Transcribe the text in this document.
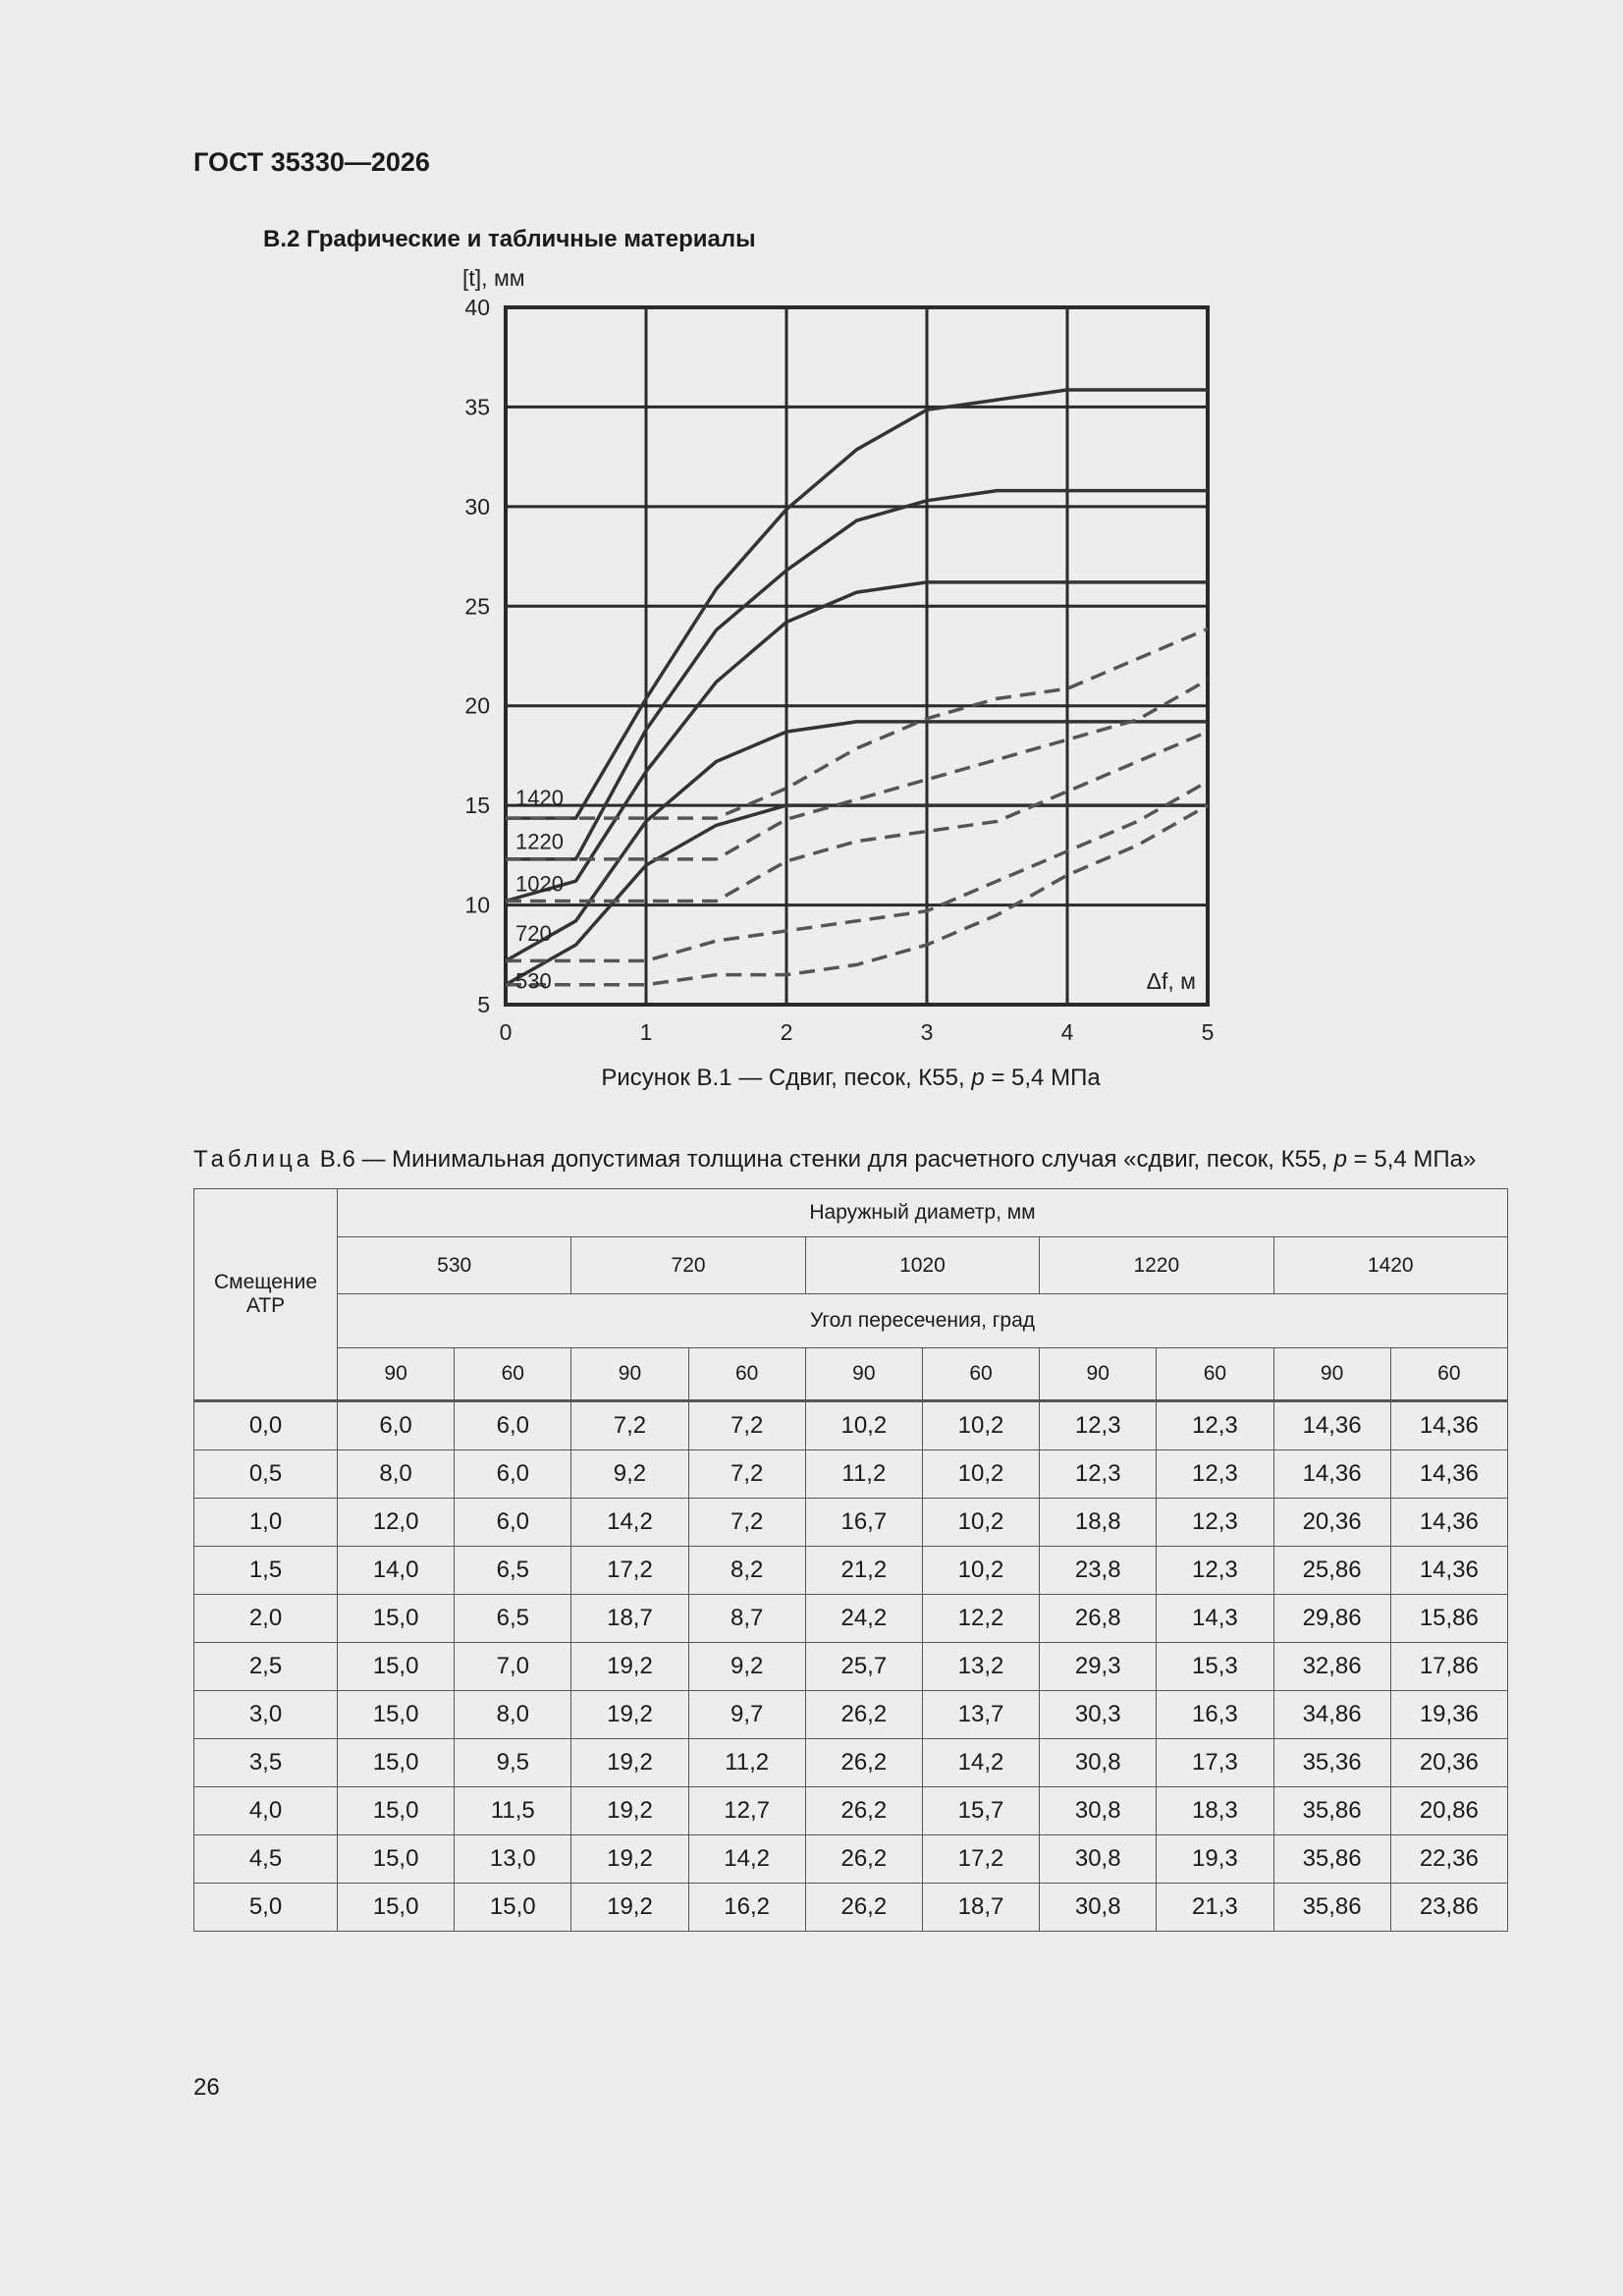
ГОСТ 35330—2026
В.2 Графические и табличные материалы
0	1	2	3	4	5
5
10
15
20
25
30
35
40
1420
1220
1020
720
530
[t], мм
Δf, м
Рисунок В.1 — Сдвиг, песок, К55, p = 5,4 МПа
Таблица В.6 — Минимальная допустимая толщина стенки для расчетного случая «сдвиг, песок, К55, p = 5,4 МПа»
Смещение АТР	Наружный диаметр, мм									
	530		720		1020		1220		1420	
	Угол пересечения, град									
	90	60	90	60	90	60	90	60	90	60
0,0	6,0	6,0	7,2	7,2	10,2	10,2	12,3	12,3	14,36	14,36
0,5	8,0	6,0	9,2	7,2	11,2	10,2	12,3	12,3	14,36	14,36
1,0	12,0	6,0	14,2	7,2	16,7	10,2	18,8	12,3	20,36	14,36
1,5	14,0	6,5	17,2	8,2	21,2	10,2	23,8	12,3	25,86	14,36
2,0	15,0	6,5	18,7	8,7	24,2	12,2	26,8	14,3	29,86	15,86
2,5	15,0	7,0	19,2	9,2	25,7	13,2	29,3	15,3	32,86	17,86
3,0	15,0	8,0	19,2	9,7	26,2	13,7	30,3	16,3	34,86	19,36
3,5	15,0	9,5	19,2	11,2	26,2	14,2	30,8	17,3	35,36	20,36
4,0	15,0	11,5	19,2	12,7	26,2	15,7	30,8	18,3	35,86	20,86
4,5	15,0	13,0	19,2	14,2	26,2	17,2	30,8	19,3	35,86	22,36
5,0	15,0	15,0	19,2	16,2	26,2	18,7	30,8	21,3	35,86	23,86
26
